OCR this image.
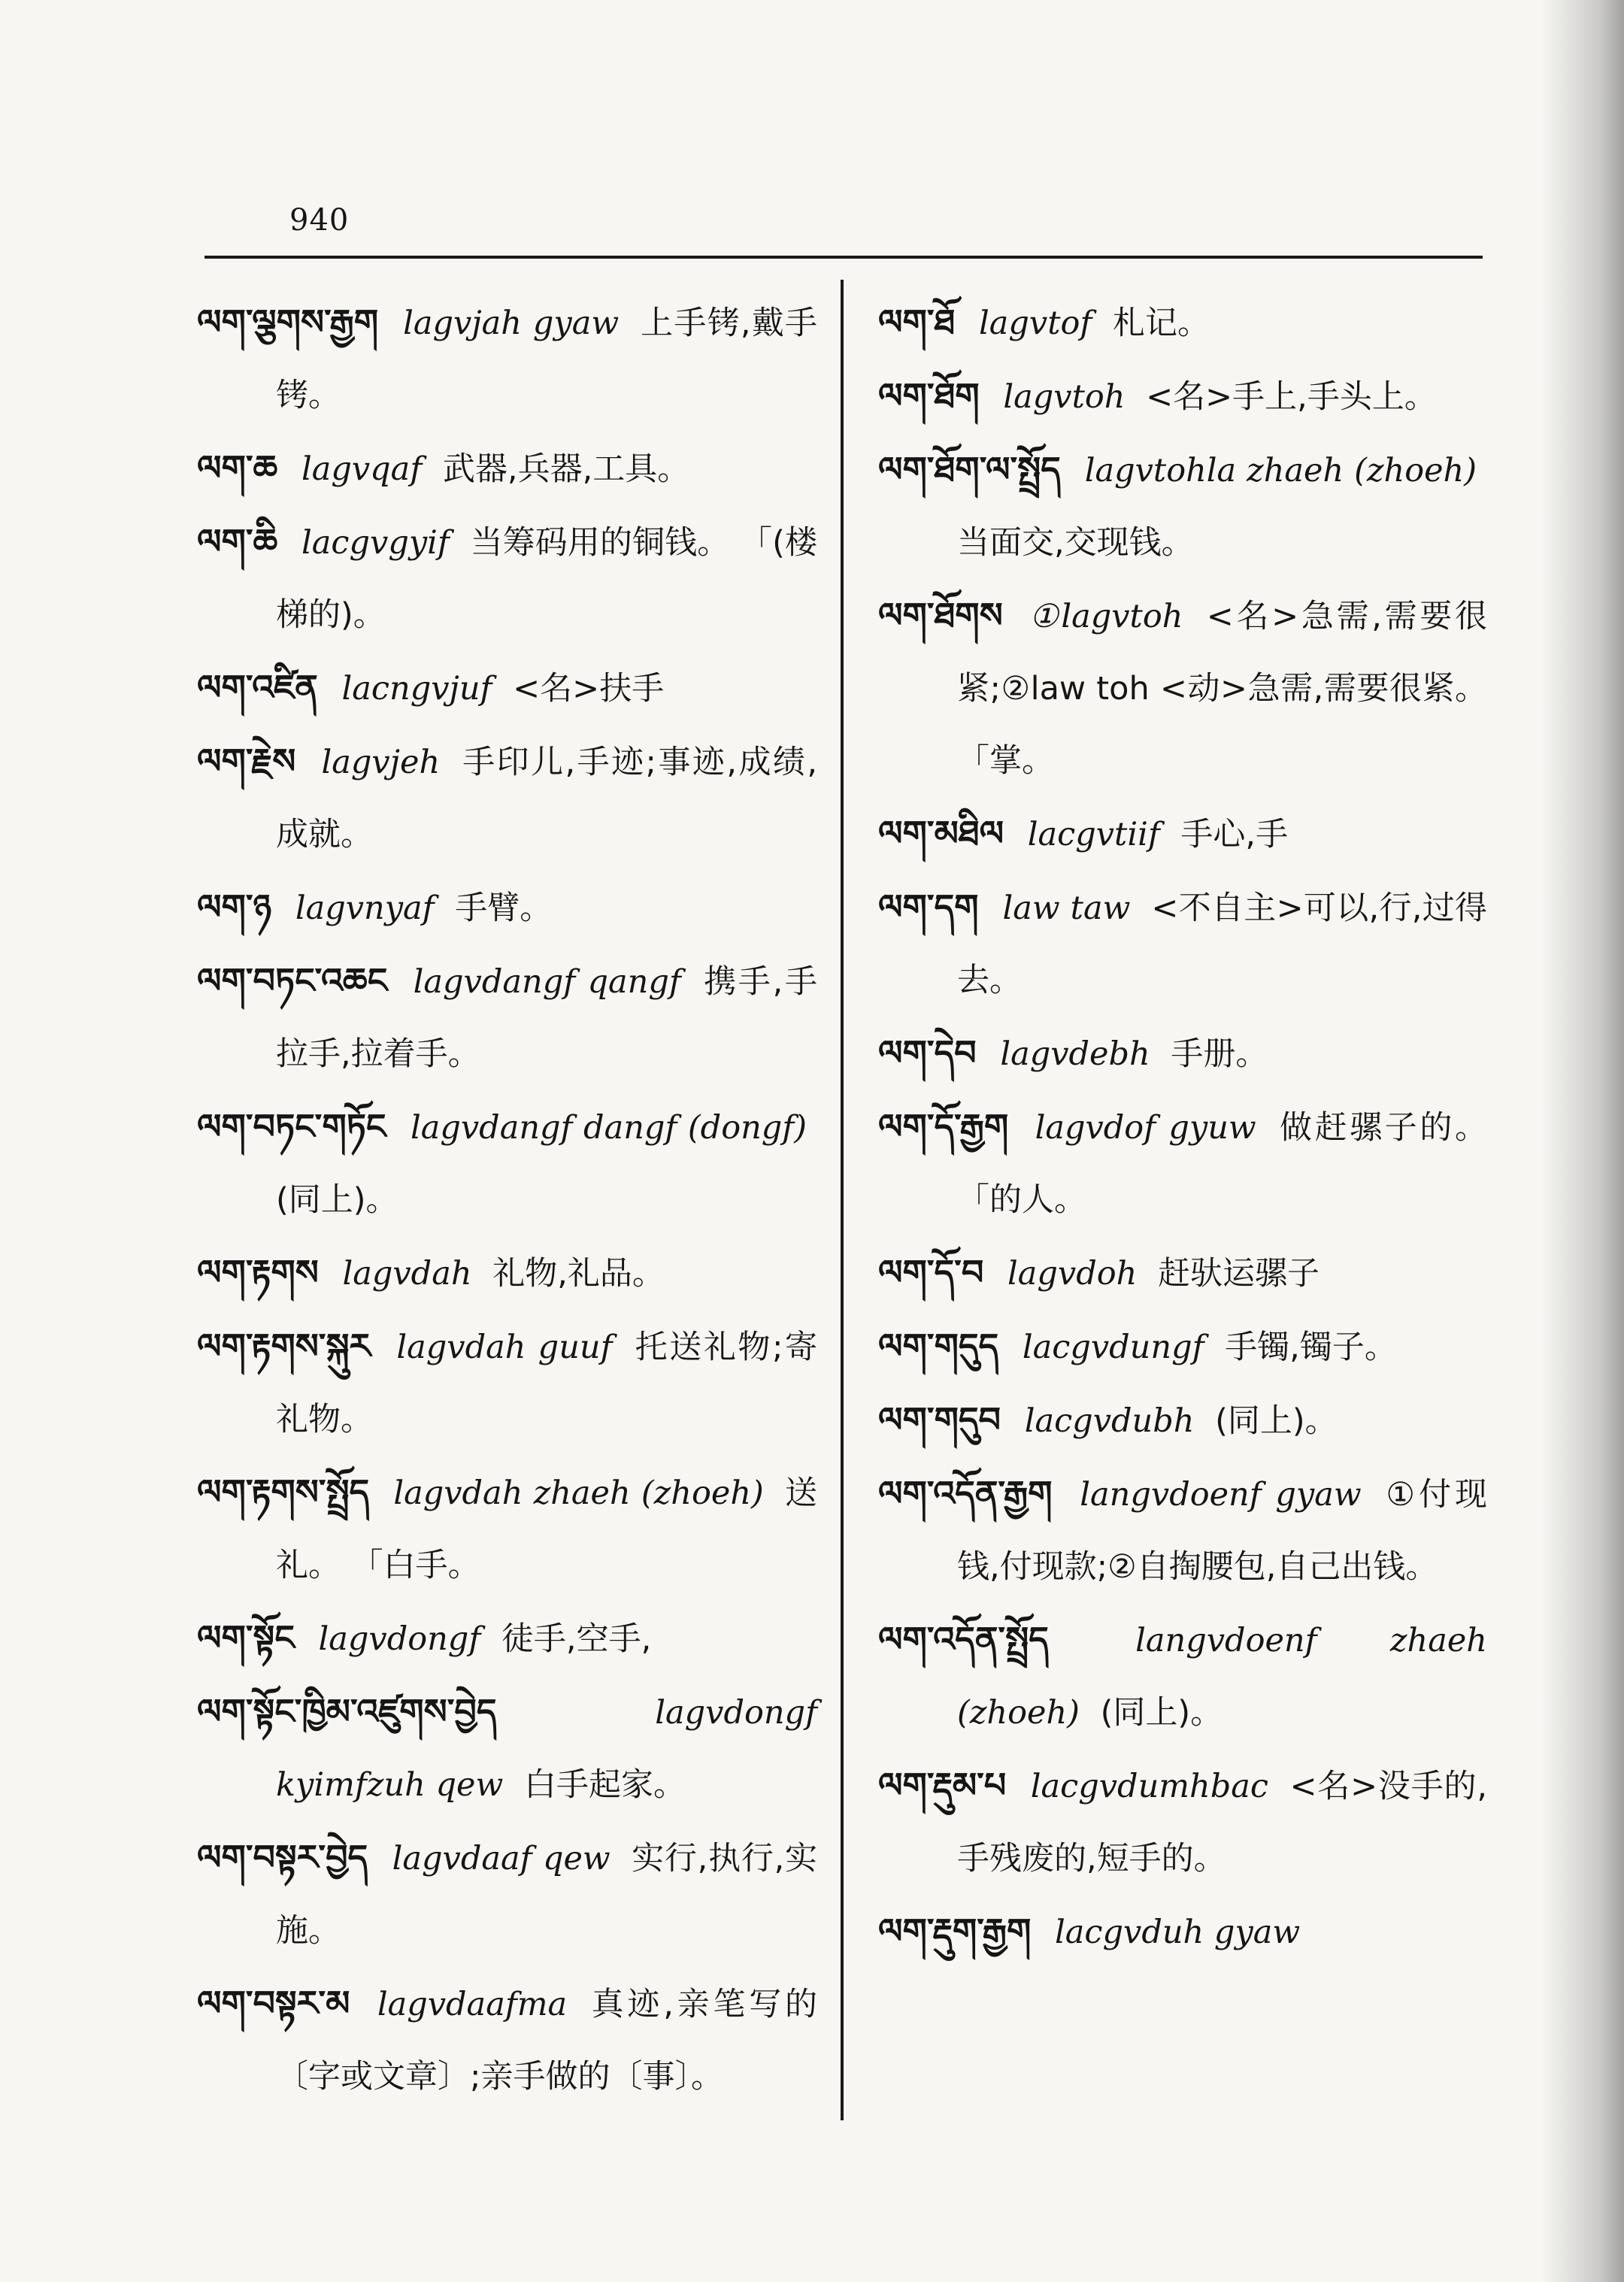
940

ལག་ལྕགས་རྒྱག lagvjah gyaw 上手铐,戴手铐。

ལག་ཆ lagvqaf 武器,兵器,工具。

ལག་ཆི lacgvgyif 当筹码用的铜钱。 「(楼梯的)。

ལག་འཛིན lacngvjuf <名>扶手

ལག་རྗེས lagvjeh 手印儿,手迹;事迹,成绩,成就。

ལག་ཉ lagvnyaf 手臂。

ལག་བཏང་འཆང lagvdangf qangf 携手,手拉手,拉着手。

ལག་བཏང་གཏོང lagvdangf dangf (dongf) (同上)。

ལག་རྟགས lagvdah 礼物,礼品。

ལག་རྟགས་སྐུར lagvdah guuf 托送礼物;寄礼物。

ལག་རྟགས་སྤྲོད lagvdah zhaeh (zhoeh) 送礼。 「白手。

ལག་སྟོང lagvdongf 徒手,空手,

ལག་སྟོང་ཁྱིམ་འཛུགས་བྱེད	lagvdongf kyimfzuh qew 白手起家。

ལག་བསྟར་བྱེད lagvdaaf qew 实行,执行,实施。

ལག་བསྟར་མ lagvdaafma 真迹,亲笔写的〔字或文章〕;亲手做的〔事〕。

ལག་ཐོ lagvtof 札记。

ལག་ཐོག lagvtoh <名>手上,手头上。

ལག་ཐོག་ལ་སྤྲོད lagvtohla zhaeh (zhoeh) 当面交,交现钱。

ལག་ཐོགས ①lagvtoh <名>急需,需要很紧;②law toh <动>急需,需要很紧。 「掌。

ལག་མཐིལ lacgvtiif 手心,手

ལག་དག law taw <不自主>可以,行,过得去。

ལག་དེབ lagvdebh 手册。

ལག་དོ་རྒྱག lagvdof gyuw 做赶骡子的。 「的人。

ལག་དོ་བ lagvdoh 赶驮运骡子

ལག་གདུད lacgvdungf 手镯,镯子。

ལག་གདུབ lacgvdubh (同上)。

ལག་འདོན་རྒྱག langvdoenf gyaw ①付现钱,付现款;②自掏腰包,自己出钱。

ལག་འདོན་སྤྲོད	langvdoenf zhaeh (zhoeh) (同上)。

ལག་རྡུམ་པ lacgvdumhbac <名>没手的,手残废的,短手的。

ལག་རྡུག་རྒྱག lacgvduh gyaw
